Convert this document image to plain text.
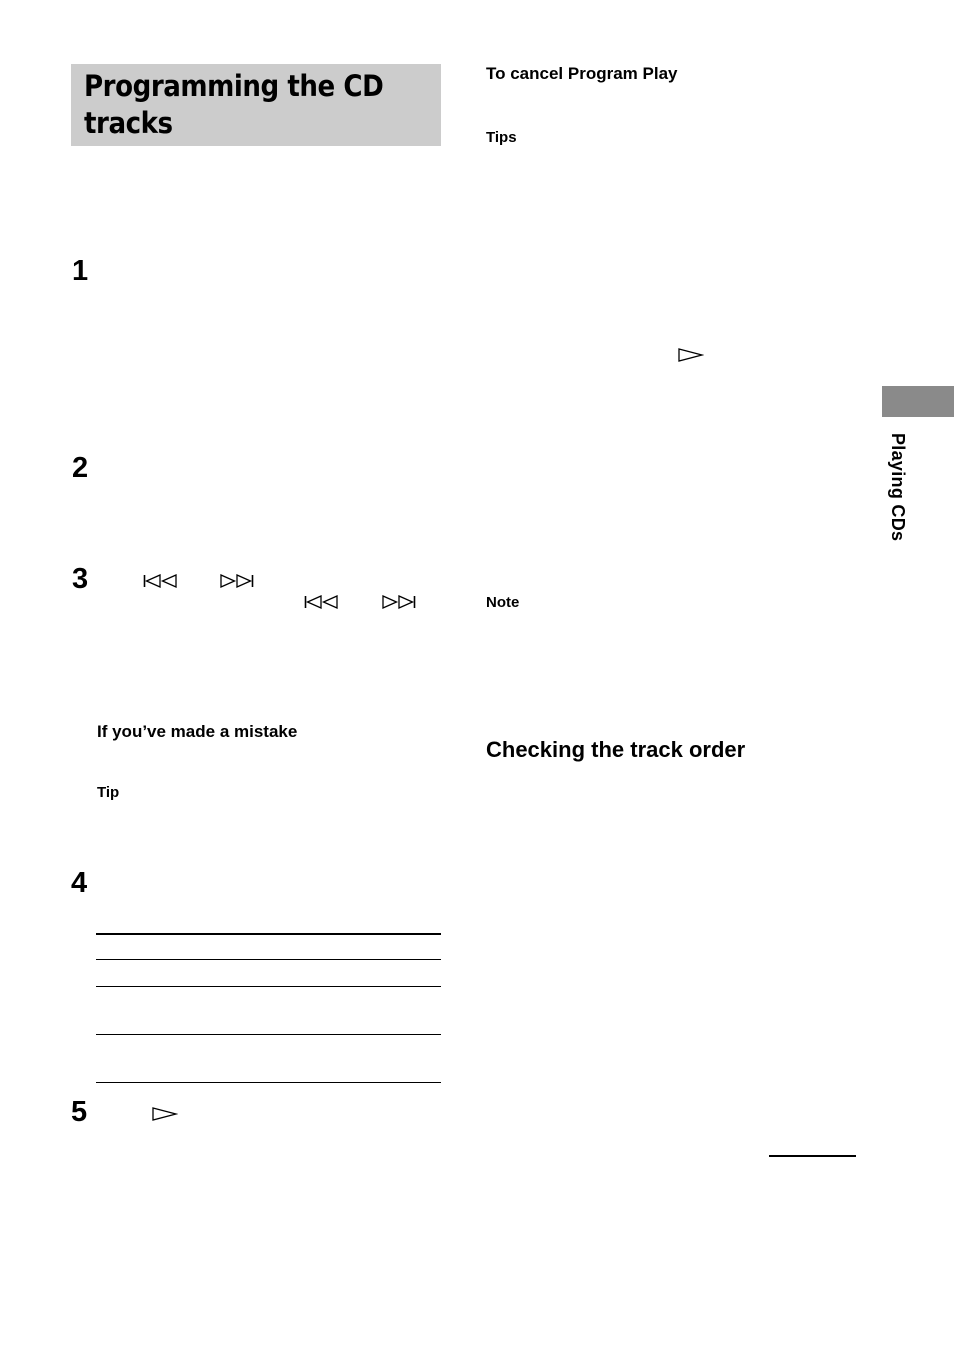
Programming the CD
tracks
1
2
3
4
5
If you’ve made a mistake
Tip
To cancel Program Play
Tips
Note
Checking the track order
Playing CDs
